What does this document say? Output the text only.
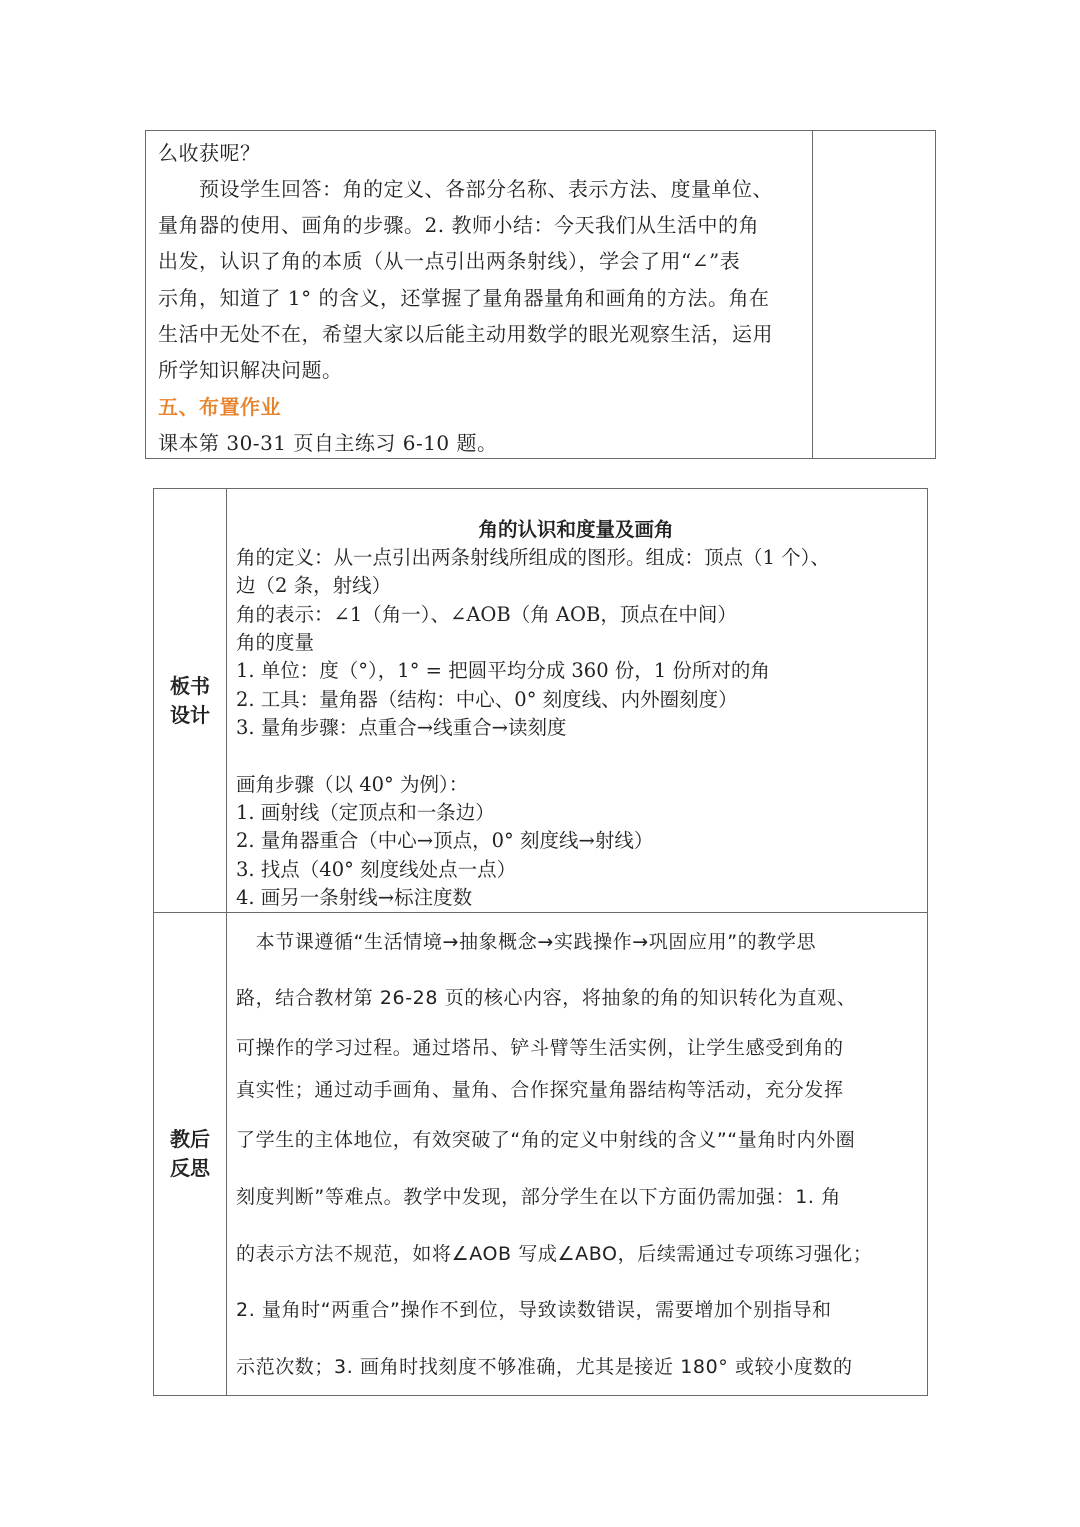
么收获呢？

　　预设学生回答：角的定义、各部分名称、表示方法、度量单位、

量角器的使用、画角的步骤。2. 教师小结：今天我们从生活中的角

出发，认识了角的本质（从一点引出两条射线），学会了用“∠”表

示角，知道了 1° 的含义，还掌握了量角器量角和画角的方法。角在

生活中无处不在，希望大家以后能主动用数学的眼光观察生活，运用

所学知识解决问题。

五、布置作业

课本第 30-31 页自主练习 6-10 题。

板书
设计

角的认识和度量及画角

角的定义：从一点引出两条射线所组成的图形。组成：顶点（1 个）、

边（2 条，射线）

角的表示：∠1（角一）、∠AOB（角 AOB，顶点在中间）

角的度量

1. 单位：度（°），1° = 把圆平均分成 360 份，1 份所对的角

2. 工具：量角器（结构：中心、0° 刻度线、内外圈刻度）

3. 量角步骤：点重合→线重合→读刻度

画角步骤（以 40° 为例）：

1. 画射线（定顶点和一条边）

2. 量角器重合（中心→顶点，0° 刻度线→射线）

3. 找点（40° 刻度线处点一点）

4. 画另一条射线→标注度数

教后
反思

　本节课遵循“生活情境→抽象概念→实践操作→巩固应用”的教学思

路，结合教材第 26-28 页的核心内容，将抽象的角的知识转化为直观、

可操作的学习过程。通过塔吊、铲斗臂等生活实例，让学生感受到角的

真实性；通过动手画角、量角、合作探究量角器结构等活动，充分发挥

了学生的主体地位，有效突破了“角的定义中射线的含义”“量角时内外圈

刻度判断”等难点。教学中发现，部分学生在以下方面仍需加强：1. 角

的表示方法不规范，如将∠AOB 写成∠ABO，后续需通过专项练习强化；

2. 量角时“两重合”操作不到位，导致读数错误，需要增加个别指导和

示范次数；3. 画角时找刻度不够准确，尤其是接近 180° 或较小度数的
